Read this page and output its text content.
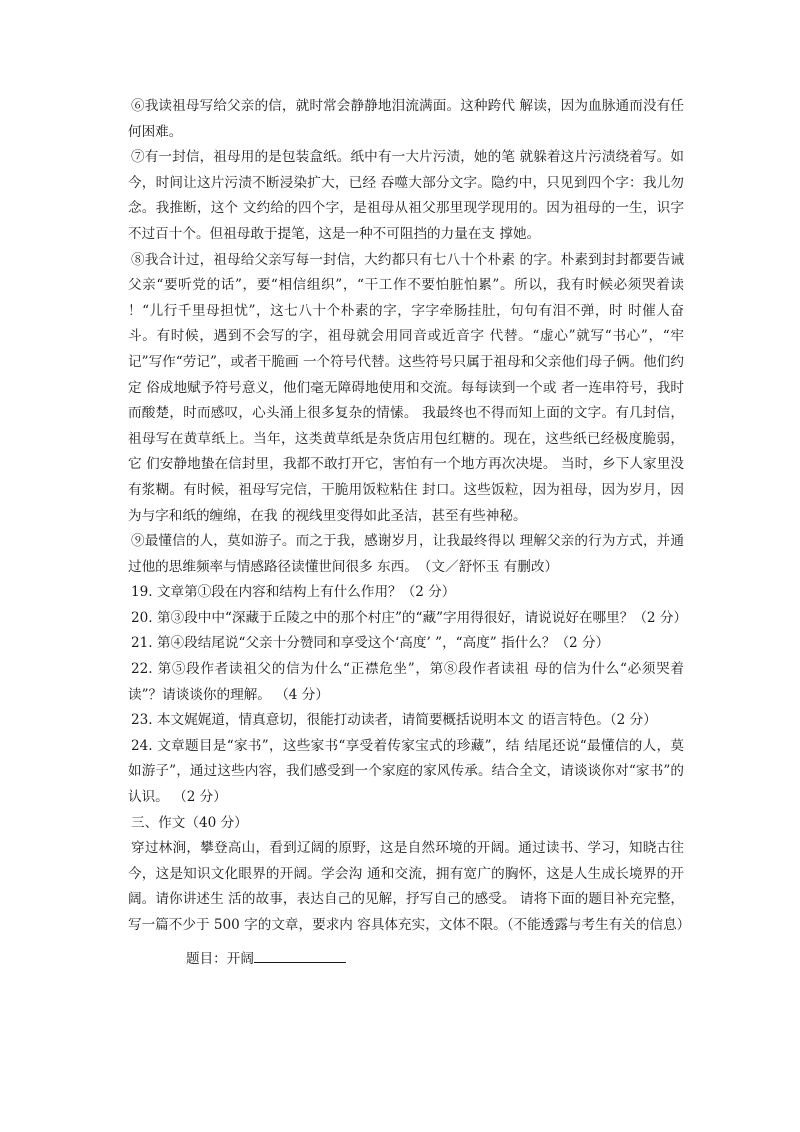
⑥我读祖母写给父亲的信，就时常会静静地泪流满面。这种跨代 解读，因为血脉通而没有任何困难。

⑦有一封信，祖母用的是包装盒纸。纸中有一大片污渍，她的笔 就躲着这片污渍绕着写。如今，时间让这片污渍不断浸染扩大，已经 吞噬大部分文字。隐约中，只见到四个字：我儿勿念。我推断，这个 文约给的四个字，是祖母从祖父那里现学现用的。因为祖母的一生，识字不过百十个。但祖母敢于提笔，这是一种不可阻挡的力量在支 撑她。

⑧我合计过，祖母给父亲写每一封信，大约都只有七八十个朴素 的字。朴素到封封都要告诫父亲“要听党的话”，要“相信组织”，“干工作不要怕脏怕累”。所以，我有时候必须哭着读 ！“儿行千里母担忧”，这七八十个朴素的字，字字牵肠挂肚，句句有泪不弹，时 时催人奋斗。有时候，遇到不会写的字，祖母就会用同音或近音字 代替。“虚心”就写“书心”，“牢记”写作“劳记”，或者干脆画 一个符号代替。这些符号只属于祖母和父亲他们母子俩。他们约定 俗成地赋予符号意义，他们毫无障碍地使用和交流。每每读到一个或 者一连串符号，我时而酸楚，时而感叹，心头涌上很多复杂的情愫。 我最终也不得而知上面的文字。有几封信，祖母写在黄草纸上。当年，这类黄草纸是杂货店用包红糖的。现在，这些纸已经极度脆弱，它 们安静地蛰在信封里，我都不敢打开它，害怕有一个地方再次决堤。 当时，乡下人家里没有浆糊。有时候，祖母写完信，干脆用饭粒粘住 封口。这些饭粒，因为祖母，因为岁月，因为与字和纸的缠绵，在我 的视线里变得如此圣洁，甚至有些神秘。

⑨最懂信的人，莫如游子。而之于我，感谢岁月，让我最终得以 理解父亲的行为方式，并通过他的思维频率与情感路径读懂世间很多 东西。　（文／舒怀玉 有删改）

19. 文章第①段在内容和结构上有什么作用？（2 分）

20. 第③段中中“深藏于丘陵之中的那个村庄”的“藏”字用得很好，请说说好在哪里？（2 分）

21. 第④段结尾说“父亲十分赞同和享受这个‘高度’ ”，“高度” 指什么？（2 分）

22. 第⑤段作者读祖父的信为什么“正襟危坐”，第⑧段作者读祖 母的信为什么“必须哭着读”？请谈谈你的理解。 （4 分）

23. 本文娓娓道，情真意切，很能打动读者，请简要概括说明本文 的语言特色。（2 分）

24. 文章题目是“家书”，这些家书“享受着传家宝式的珍藏”，结 结尾还说“最懂信的人，莫如游子”，通过这些内容，我们感受到一个家庭的家风传承。结合全文，请谈谈你对“家书”的认识。 （2 分）

三、作文（40 分）

穿过林涧，攀登高山，看到辽阔的原野，这是自然环境的开阔。通过读书、学习，知晓古往今，这是知识文化眼界的开阔。学会沟 通和交流，拥有宽广的胸怀，这是人生成长境界的开阔。请你讲述生 活的故事，表达自己的见解，抒写自己的感受。 请将下面的题目补充完整，写一篇不少于 500 字的文章，要求内 容具体充实，文体不限。（不能透露与考生有关的信息）

题目：开阔
